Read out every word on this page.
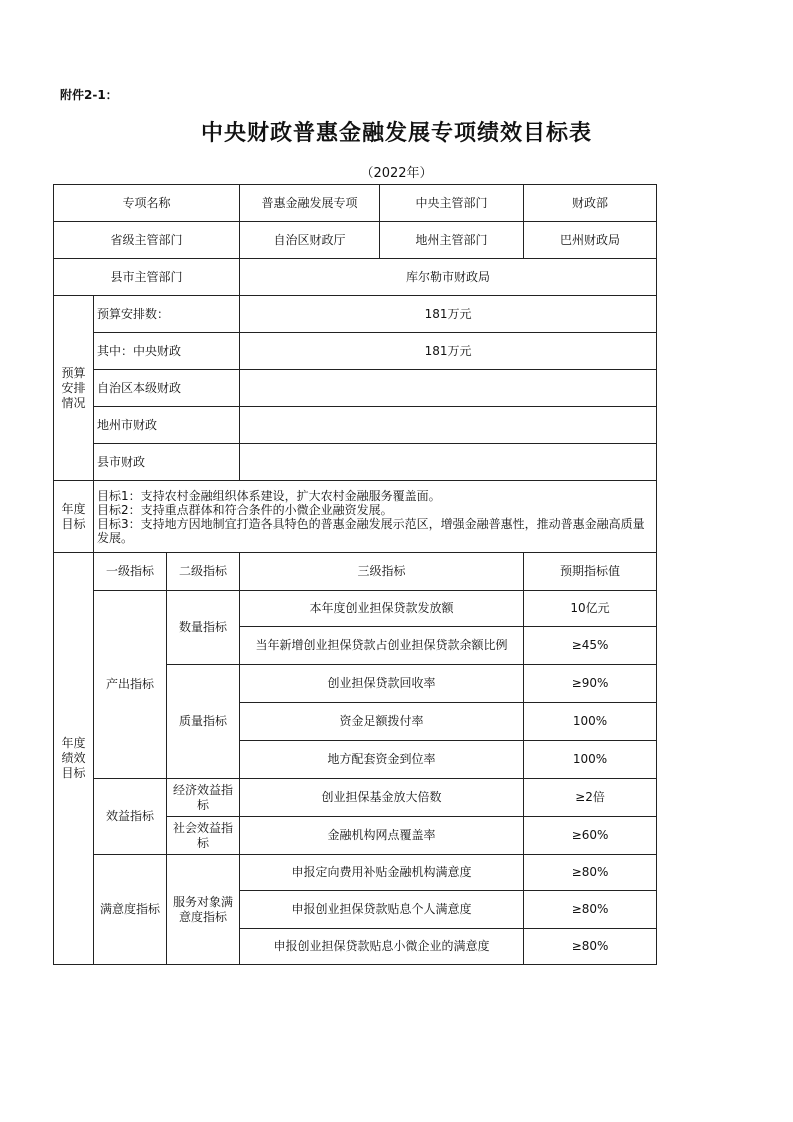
附件2-1：
中央财政普惠金融发展专项绩效目标表
（2022年）
专项名称			普惠金融发展专项	中央主管部门	财政部
省级主管部门			自治区财政厅	地州主管部门	巴州财政局
县市主管部门			库尔勒市财政局		
预算安排情况	预算安排数：		181万元		
	其中：中央财政		181万元		
	自治区本级财政				
	地州市财政				
	县市财政				
年度目标	目标1：支持农村金融组织体系建设，扩大农村金融服务覆盖面。
目标2：支持重点群体和符合条件的小微企业融资发展。
目标3：支持地方因地制宜打造各具特色的普惠金融发展示范区，增强金融普惠性，推动普惠金融高质量发展。				

年度绩效目标	一级指标	二级指标	三级指标		预期指标值
	产出指标	数量指标	本年度创业担保贷款发放额		10亿元
			当年新增创业担保贷款占创业担保贷款余额比例		≥45%
		质量指标	创业担保贷款回收率		≥90%
			资金足额拨付率		100%
			地方配套资金到位率		100%
	效益指标	经济效益指标	创业担保基金放大倍数		≥2倍
		社会效益指标	金融机构网点覆盖率		≥60%
	满意度指标	服务对象满意度指标	申报定向费用补贴金融机构满意度		≥80%
			申报创业担保贷款贴息个人满意度		≥80%
			申报创业担保贷款贴息小微企业的满意度		≥80%
